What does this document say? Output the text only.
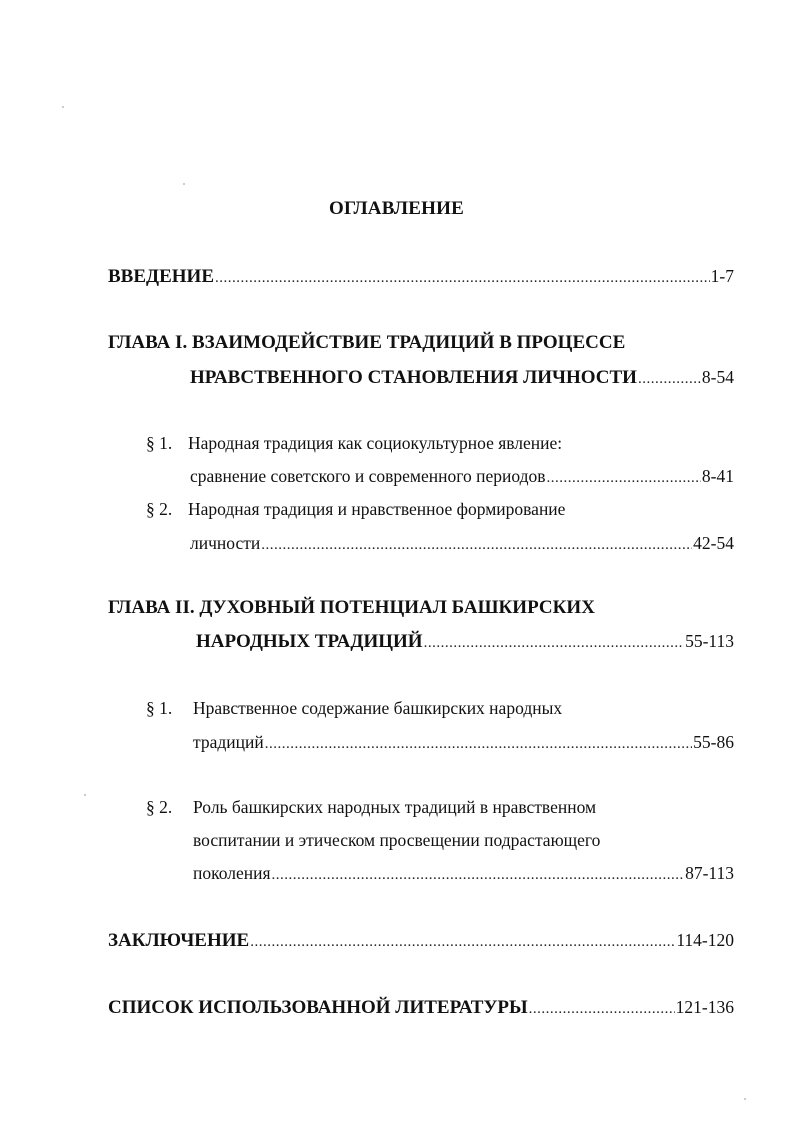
ОГЛАВЛЕНИЕ
ВВЕДЕНИЕ .....	1-7
ГЛАВА I. ВЗАИМОДЕЙСТВИЕ ТРАДИЦИЙ В ПРОЦЕССЕ
НРАВСТВЕННОГО СТАНОВЛЕНИЯ ЛИЧНОСТИ .....	8-54
§ 1. Народная традиция как социокультурное явление:
сравнение советского и современного периодов .....	8-41
§ 2. Народная традиция и нравственное формирование
личности .....	42-54
ГЛАВА II. ДУХОВНЫЙ ПОТЕНЦИАЛ БАШКИРСКИХ
НАРОДНЫХ ТРАДИЦИЙ .....	55-113
§ 1. Нравственное содержание башкирских народных
традиций .....	55-86
§ 2. Роль башкирских народных традиций в нравственном
воспитании и этическом просвещении подрастающего
поколения .....	87-113
ЗАКЛЮЧЕНИЕ .....	114-120
СПИСОК ИСПОЛЬЗОВАННОЙ ЛИТЕРАТУРЫ .....	121-136
